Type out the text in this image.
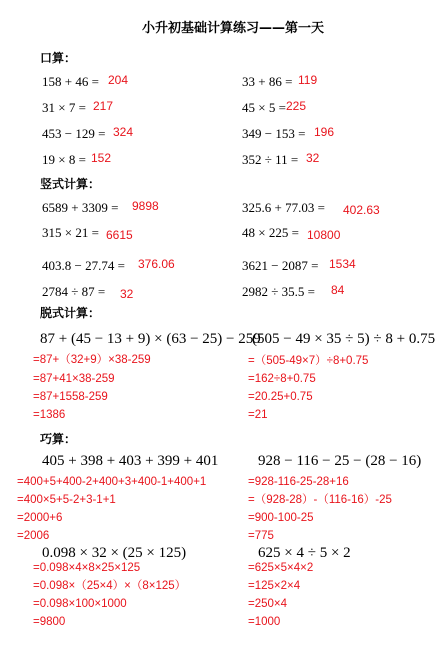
小升初基础计算练习——第一天
口算：
158 + 46 = 204	33 + 86 = 119
31 × 7 = 217	45 × 5 = 225
453 − 129 = 324	349 − 153 = 196
19 × 8 = 152	352 ÷ 11 = 32
竖式计算：
6589 + 3309 = 9898	325.6 + 77.03 = 402.63
315 × 21 = 6615	48 × 225 = 10800
403.8 − 27.74 = 376.06	3621 − 2087 = 1534
2784 ÷ 87 = 32	2982 ÷ 35.5 = 84
脱式计算：
87 + (45 − 13 + 9) × (63 − 25) − 259
=87+（32+9）×38-259
=87+41×38-259
=87+1558-259
=1386
(505 − 49 × 35 ÷ 5) ÷ 8 + 0.75
=（505-49×7）÷8+0.75
=162÷8+0.75
=20.25+0.75
=21
巧算：
405 + 398 + 403 + 399 + 401
=400+5+400-2+400+3+400-1+400+1
=400×5+5-2+3-1+1
=2000+6
=2006
928 − 116 − 25 − (28 − 16)
=928-116-25-28+16
=（928-28）-（116-16）-25
=900-100-25
=775
0.098 × 32 × (25 × 125)
=0.098×4×8×25×125
=0.098×（25×4）×（8×125）
=0.098×100×1000
=9800
625 × 4 ÷ 5 × 2
=625×5×4×2
=125×2×4
=250×4
=1000
